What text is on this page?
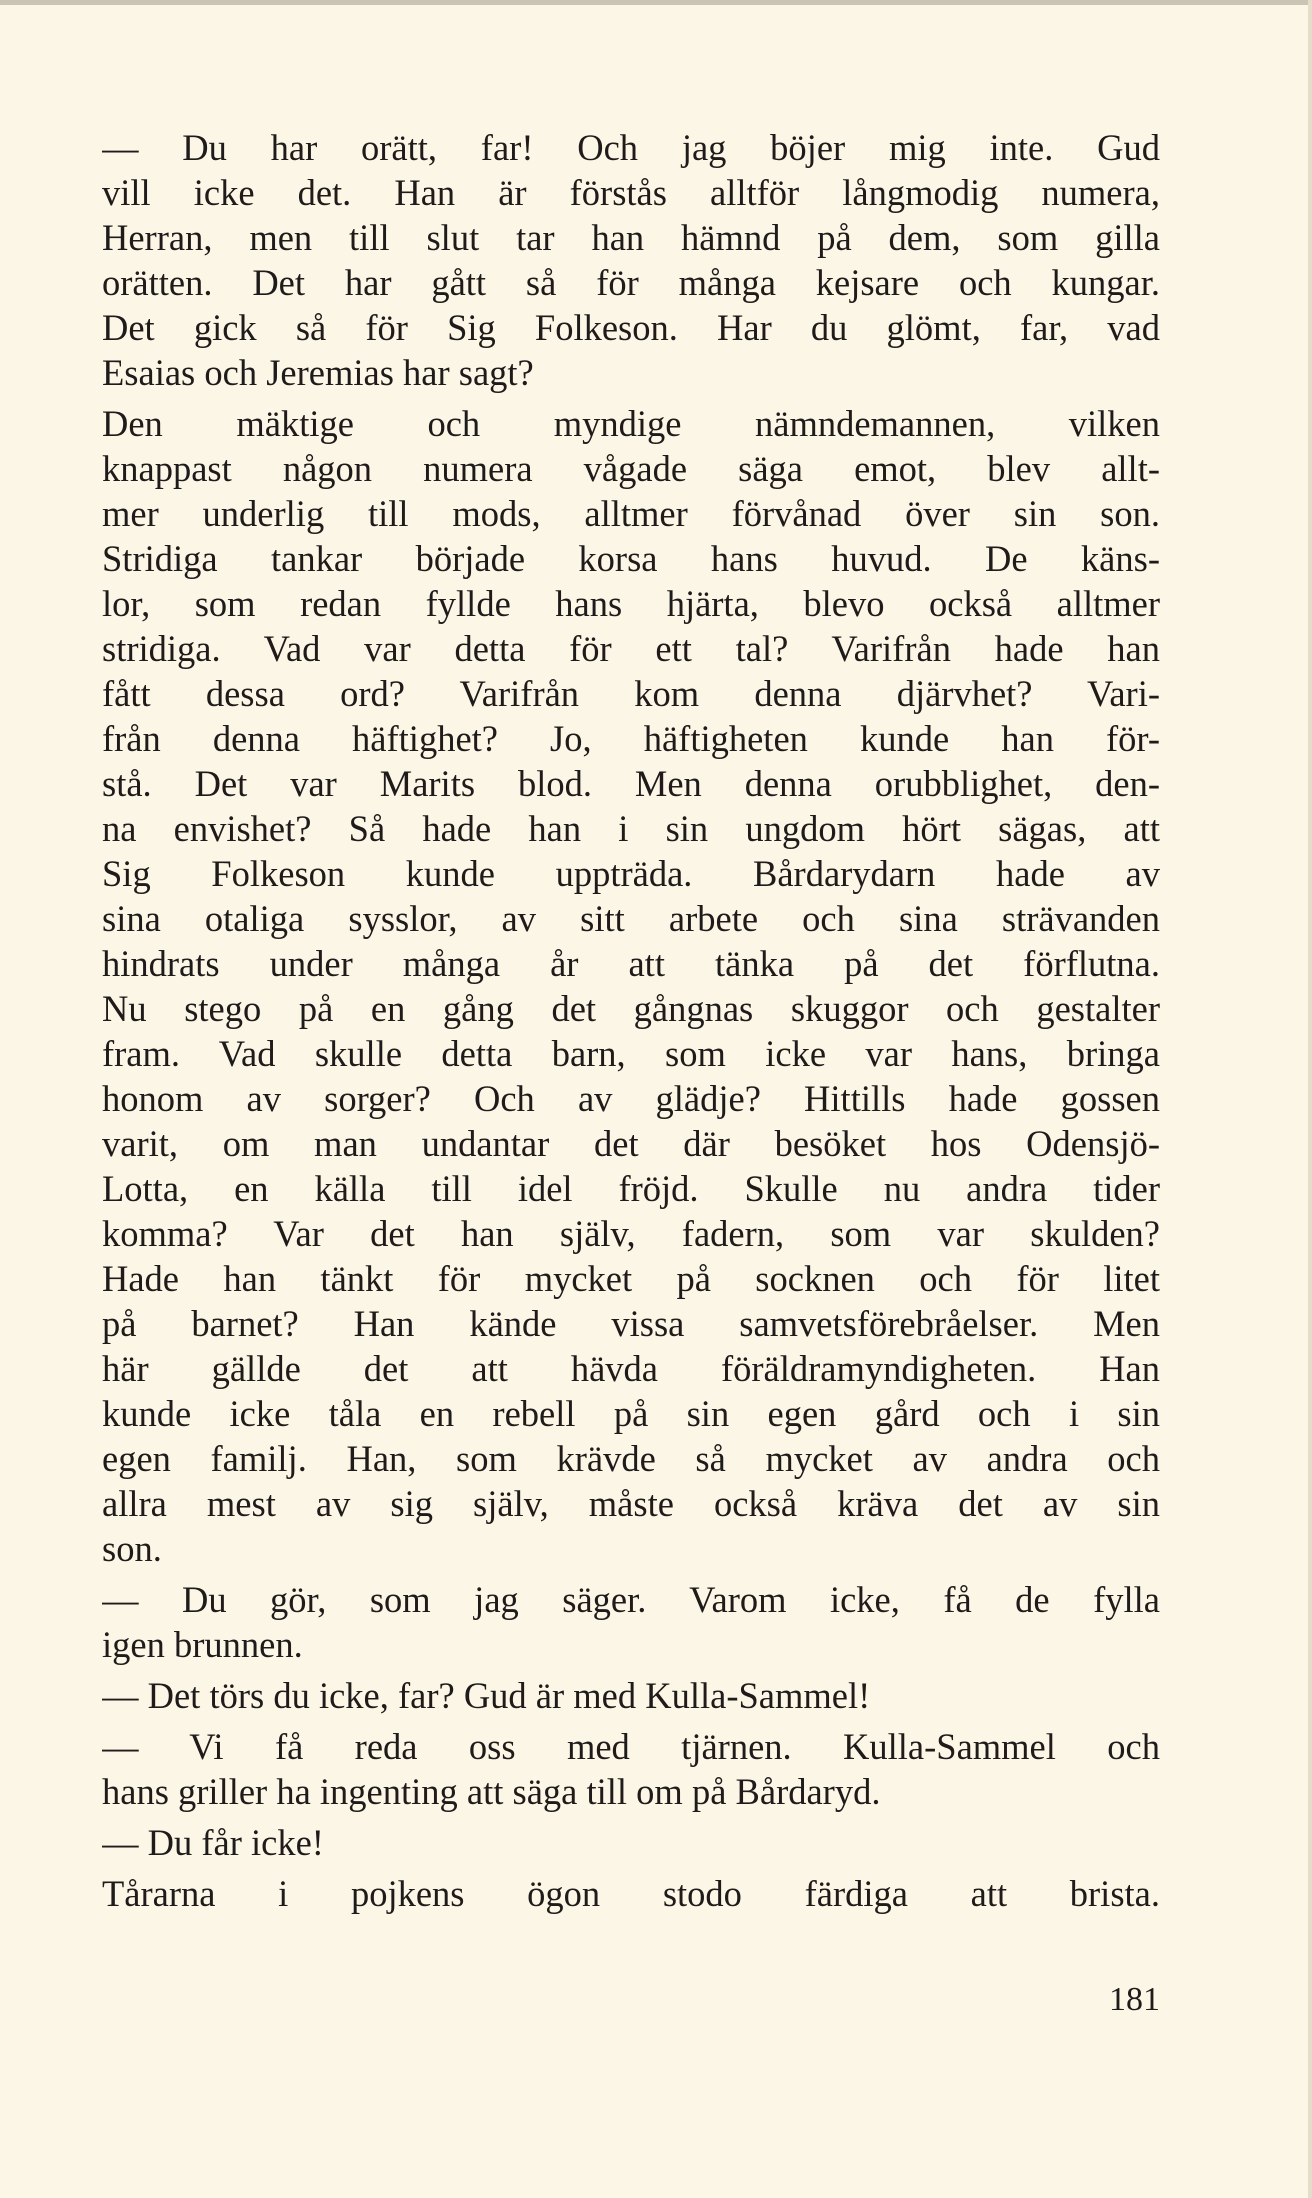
— Du har orätt, far! Och jag böjer mig inte. Gud
vill icke det. Han är förstås alltför långmodig numera,
Herran, men till slut tar han hämnd på dem, som gilla
orätten. Det har gått så för många kejsare och kungar.
Det gick så för Sig Folkeson. Har du glömt, far, vad
Esaias och Jeremias har sagt?
Den mäktige och myndige nämndemannen, vilken
knappast någon numera vågade säga emot, blev allt-
mer underlig till mods, alltmer förvånad över sin son.
Stridiga tankar började korsa hans huvud. De käns-
lor, som redan fyllde hans hjärta, blevo också alltmer
stridiga. Vad var detta för ett tal? Varifrån hade han
fått dessa ord? Varifrån kom denna djärvhet? Vari-
från denna häftighet? Jo, häftigheten kunde han för-
stå. Det var Marits blod. Men denna orubblighet, den-
na envishet? Så hade han i sin ungdom hört sägas, att
Sig Folkeson kunde uppträda. Bårdarydarn hade av
sina otaliga sysslor, av sitt arbete och sina strävanden
hindrats under många år att tänka på det förflutna.
Nu stego på en gång det gångnas skuggor och gestalter
fram. Vad skulle detta barn, som icke var hans, bringa
honom av sorger? Och av glädje? Hittills hade gossen
varit, om man undantar det där besöket hos Odensjö-
Lotta, en källa till idel fröjd. Skulle nu andra tider
komma? Var det han själv, fadern, som var skulden?
Hade han tänkt för mycket på socknen och för litet
på barnet? Han kände vissa samvetsförebråelser. Men
här gällde det att hävda föräldramyndigheten. Han
kunde icke tåla en rebell på sin egen gård och i sin
egen familj. Han, som krävde så mycket av andra och
allra mest av sig själv, måste också kräva det av sin
son.
— Du gör, som jag säger. Varom icke, få de fylla
igen brunnen.
— Det törs du icke, far? Gud är med Kulla-Sammel!
— Vi få reda oss med tjärnen. Kulla-Sammel och
hans griller ha ingenting att säga till om på Bårdaryd.
— Du får icke!
Tårarna i pojkens ögon stodo färdiga att brista.
181
